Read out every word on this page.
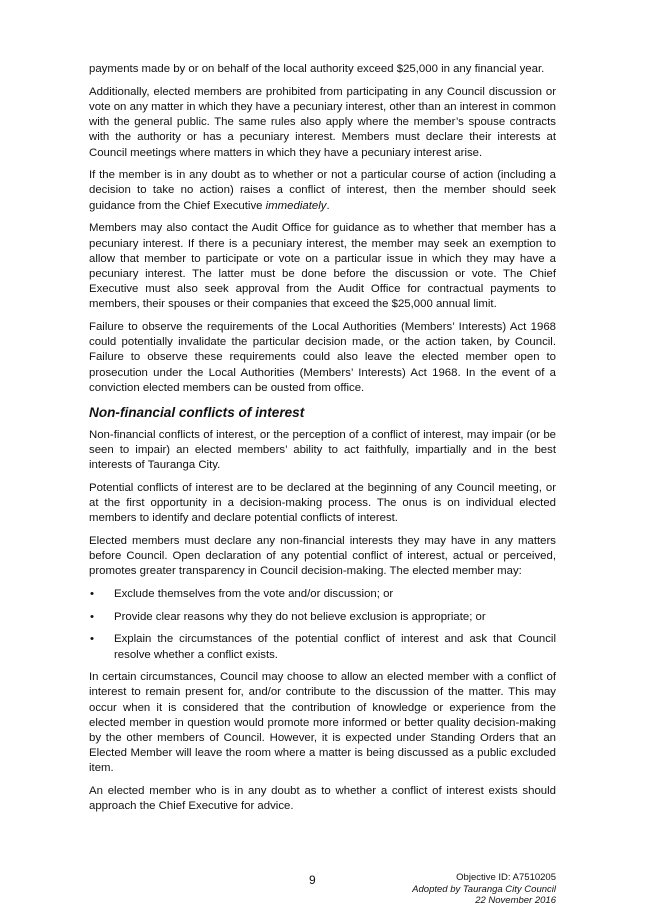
payments made by or on behalf of the local authority exceed $25,000 in any financial year.

Additionally, elected members are prohibited from participating in any Council discussion or vote on any matter in which they have a pecuniary interest, other than an interest in common with the general public. The same rules also apply where the member’s spouse contracts with the authority or has a pecuniary interest. Members must declare their interests at Council meetings where matters in which they have a pecuniary interest arise.

If the member is in any doubt as to whether or not a particular course of action (including a decision to take no action) raises a conflict of interest, then the member should seek guidance from the Chief Executive immediately.

Members may also contact the Audit Office for guidance as to whether that member has a pecuniary interest. If there is a pecuniary interest, the member may seek an exemption to allow that member to participate or vote on a particular issue in which they may have a pecuniary interest. The latter must be done before the discussion or vote. The Chief Executive must also seek approval from the Audit Office for contractual payments to members, their spouses or their companies that exceed the $25,000 annual limit.

Failure to observe the requirements of the Local Authorities (Members’ Interests) Act 1968 could potentially invalidate the particular decision made, or the action taken, by Council. Failure to observe these requirements could also leave the elected member open to prosecution under the Local Authorities (Members’ Interests) Act 1968. In the event of a conviction elected members can be ousted from office.

Non-financial conflicts of interest

Non-financial conflicts of interest, or the perception of a conflict of interest, may impair (or be seen to impair) an elected members’ ability to act faithfully, impartially and in the best interests of Tauranga City.

Potential conflicts of interest are to be declared at the beginning of any Council meeting, or at the first opportunity in a decision-making process. The onus is on individual elected members to identify and declare potential conflicts of interest.

Elected members must declare any non-financial interests they may have in any matters before Council. Open declaration of any potential conflict of interest, actual or perceived, promotes greater transparency in Council decision-making. The elected member may:

• Exclude themselves from the vote and/or discussion; or
• Provide clear reasons why they do not believe exclusion is appropriate; or
• Explain the circumstances of the potential conflict of interest and ask that Council resolve whether a conflict exists.

In certain circumstances, Council may choose to allow an elected member with a conflict of interest to remain present for, and/or contribute to the discussion of the matter. This may occur when it is considered that the contribution of knowledge or experience from the elected member in question would promote more informed or better quality decision-making by the other members of Council. However, it is expected under Standing Orders that an Elected Member will leave the room where a matter is being discussed as a public excluded item.

An elected member who is in any doubt as to whether a conflict of interest exists should approach the Chief Executive for advice.

9	Objective ID: A7510205
Adopted by Tauranga City Council
22 November 2016
